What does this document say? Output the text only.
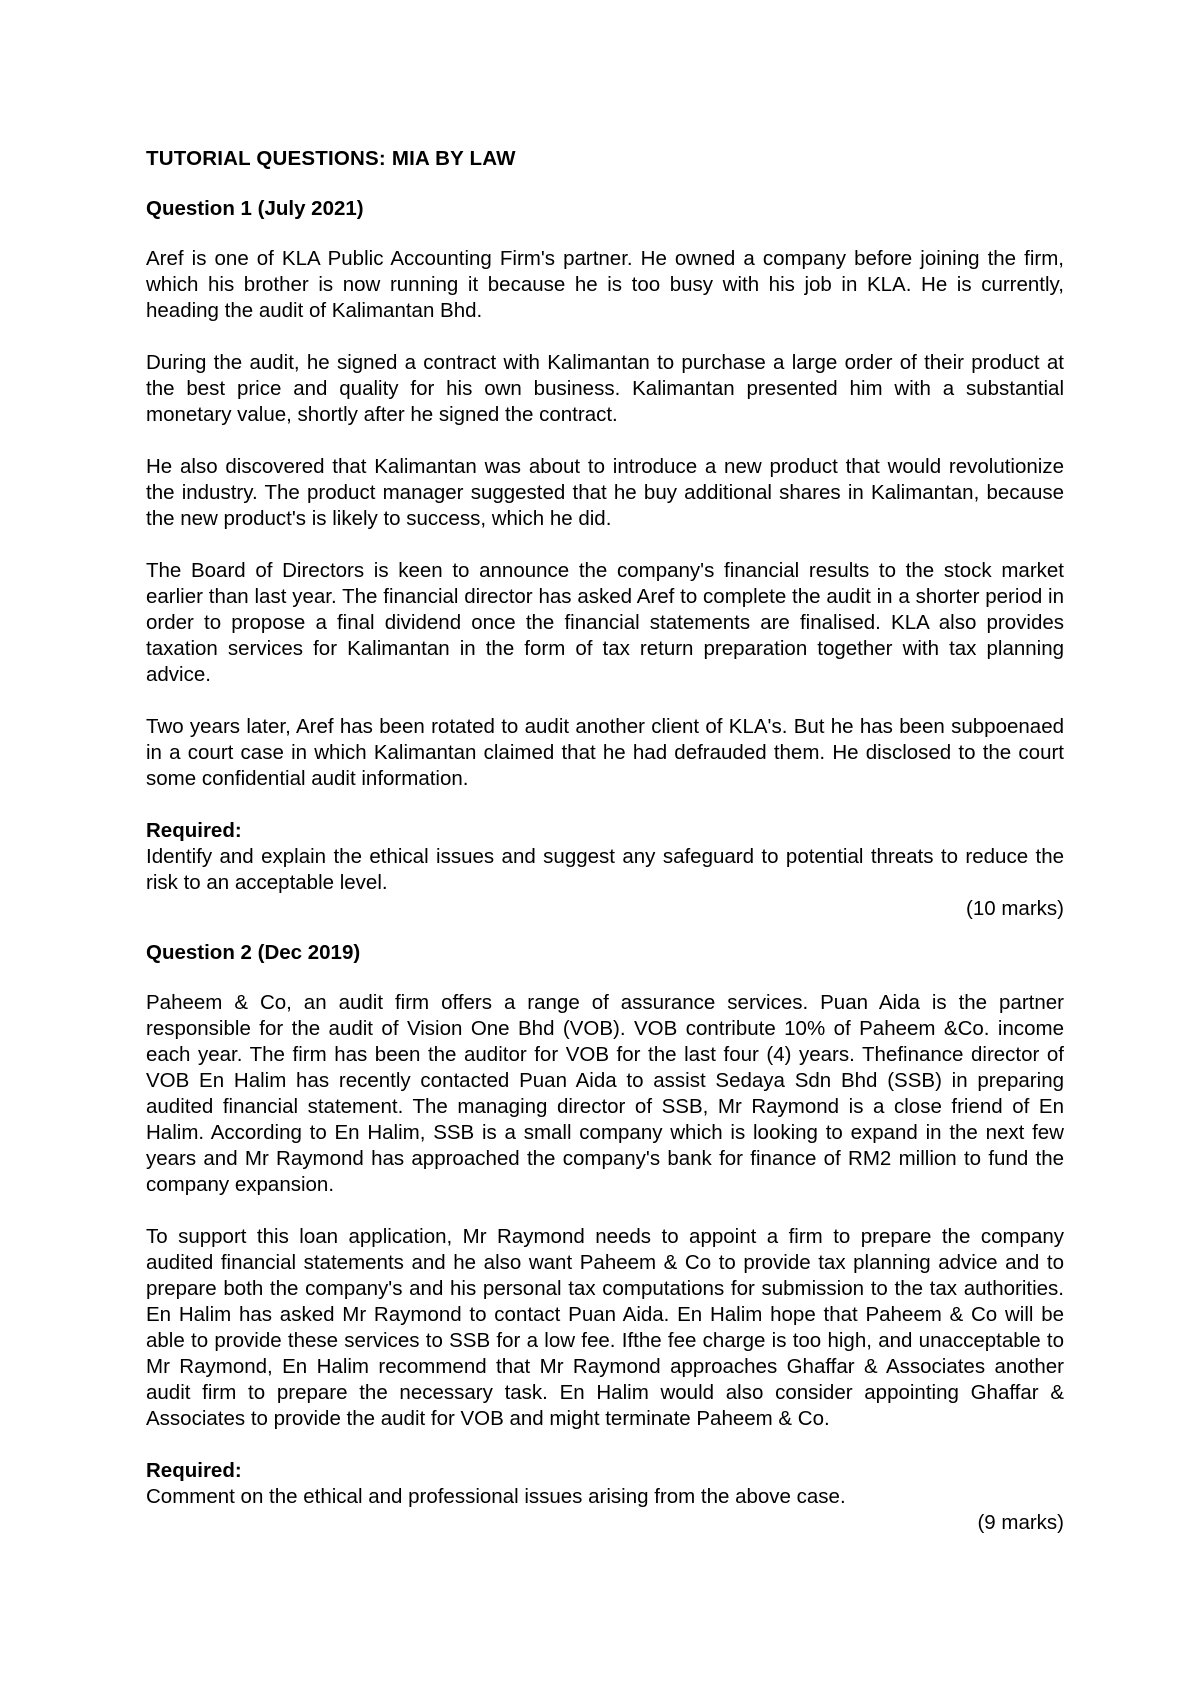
TUTORIAL QUESTIONS: MIA BY LAW

Question 1 (July 2021)

Aref is one of KLA Public Accounting Firm's partner. He owned a company before joining the firm, which his brother is now running it because he is too busy with his job in KLA. He is currently, heading the audit of Kalimantan Bhd.

During the audit, he signed a contract with Kalimantan to purchase a large order of their product at the best price and quality for his own business. Kalimantan presented him with a substantial monetary value, shortly after he signed the contract.

He also discovered that Kalimantan was about to introduce a new product that would revolutionize the industry. The product manager suggested that he buy additional shares in Kalimantan, because the new product's is likely to success, which he did.

The Board of Directors is keen to announce the company's financial results to the stock market earlier than last year. The financial director has asked Aref to complete the audit in a shorter period in order to propose a final dividend once the financial statements are finalised. KLA also provides taxation services for Kalimantan in the form of tax return preparation together with tax planning advice.

Two years later, Aref has been rotated to audit another client of KLA's. But he has been subpoenaed in a court case in which Kalimantan claimed that he had defrauded them. He disclosed to the court some confidential audit information.

Required:

Identify and explain the ethical issues and suggest any safeguard to potential threats to reduce the risk to an acceptable level.

(10 marks)

Question 2 (Dec 2019)

Paheem & Co, an audit firm offers a range of assurance services. Puan Aida is the partner responsible for the audit of Vision One Bhd (VOB). VOB contribute 10% of Paheem &Co. income each year. The firm has been the auditor for VOB for the last four (4) years. Thefinance director of VOB En Halim has recently contacted Puan Aida to assist Sedaya Sdn Bhd (SSB) in preparing audited financial statement. The managing director of SSB, Mr Raymond is a close friend of En Halim. According to En Halim, SSB is a small company which is looking to expand in the next few years and Mr Raymond has approached the company's bank for finance of RM2 million to fund the company expansion.

To support this loan application, Mr Raymond needs to appoint a firm to prepare the company audited financial statements and he also want Paheem & Co to provide tax planning advice and to prepare both the company's and his personal tax computations for submission to the tax authorities. En Halim has asked Mr Raymond to contact Puan Aida. En Halim hope that Paheem & Co will be able to provide these services to SSB for a low fee. Ifthe fee charge is too high, and unacceptable to Mr Raymond, En Halim recommend that Mr Raymond approaches Ghaffar & Associates another audit firm to prepare the necessary task. En Halim would also consider appointing Ghaffar & Associates to provide the audit for VOB and might terminate Paheem & Co.

Required:

Comment on the ethical and professional issues arising from the above case.

(9 marks)
